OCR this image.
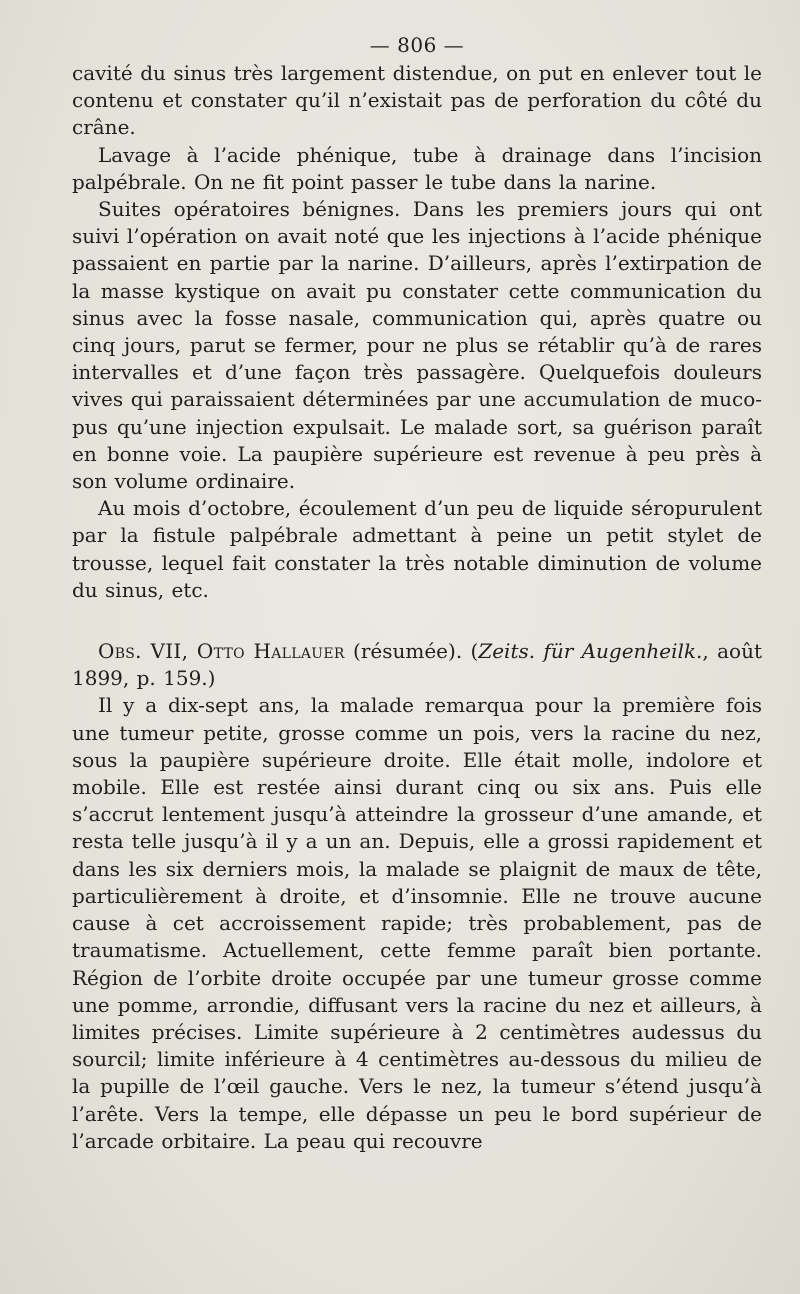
— 806 —

cavité du sinus très largement distendue, on put en enlever tout le contenu et constater qu’il n’existait pas de perforation du côté du crâne.

Lavage à l’acide phénique, tube à drainage dans l’incision palpébrale. On ne fit point passer le tube dans la narine.

Suites opératoires bénignes. Dans les premiers jours qui ont suivi l’opération on avait noté que les injections à l’acide phénique passaient en partie par la narine. D’ailleurs, après l’extirpation de la masse kystique on avait pu constater cette communication du sinus avec la fosse nasale, communication qui, après quatre ou cinq jours, parut se fermer, pour ne plus se rétablir qu’à de rares intervalles et d’une façon très passagère. Quelquefois douleurs vives qui paraissaient déterminées par une accumulation de muco-pus qu’une injection expulsait. Le malade sort, sa guérison paraît en bonne voie. La paupière supérieure est revenue à peu près à son volume ordinaire.

Au mois d’octobre, écoulement d’un peu de liquide séropurulent par la fistule palpébrale admettant à peine un petit stylet de trousse, lequel fait constater la très notable diminution de volume du sinus, etc.

Obs. VII, Otto Hallauer (résumée). (Zeits. für Augenheilk., août 1899, p. 159.)

Il y a dix-sept ans, la malade remarqua pour la première fois une tumeur petite, grosse comme un pois, vers la racine du nez, sous la paupière supérieure droite. Elle était molle, indolore et mobile. Elle est restée ainsi durant cinq ou six ans. Puis elle s’accrut lentement jusqu’à atteindre la grosseur d’une amande, et resta telle jusqu’à il y a un an. Depuis, elle a grossi rapidement et dans les six derniers mois, la malade se plaignit de maux de tête, particulièrement à droite, et d’insomnie. Elle ne trouve aucune cause à cet accroissement rapide; très probablement, pas de traumatisme. Actuellement, cette femme paraît bien portante. Région de l’orbite droite occupée par une tumeur grosse comme une pomme, arrondie, diffusant vers la racine du nez et ailleurs, à limites précises. Limite supérieure à 2 centimètres audessus du sourcil; limite inférieure à 4 centimètres au-dessous du milieu de la pupille de l’œil gauche. Vers le nez, la tumeur s’étend jusqu’à l’arête. Vers la tempe, elle dépasse un peu le bord supérieur de l’arcade orbitaire. La peau qui recouvre
